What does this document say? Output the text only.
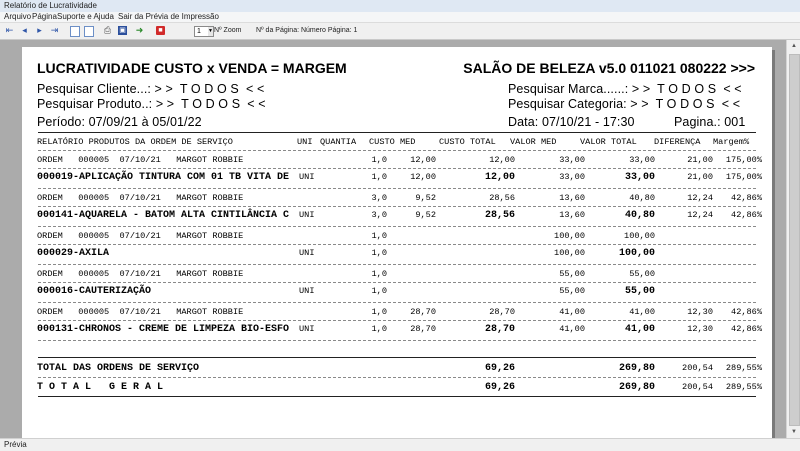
Relatório de Lucratividade
Arquivo Página Suporte e Ajuda Sair da Prévia de Impressão
⇤ ◂	▸ ⇥	⎙ ▣ ➜	■	1 ▼ Nº Zoom Nº da Página: Número Página: 1
LUCRATIVIDADE CUSTO x VENDA = MARGEM	SALÃO DE BELEZA v5.0 011021 080222 >>>
Pesquisar Cliente...: > >  T O D O S  < <	Pesquisar Marca......: > >  T O D O S  < <
Pesquisar Produto..: > >  T O D O S  < <	Pesquisar Categoria: > >  T O D O S  < <
Período: 07/09/21 à 05/01/22	Data: 07/10/21 - 17:30	Pagina.: 001
RELATÓRIO PRODUTOS DA ORDEM DE SERVIÇO	UNI QUANTIA CUSTO MED	CUSTO TOTAL VALOR MED	VALOR TOTAL DIFERENÇA Margem%
ORDEM   000005  07/10/21   MARGOT ROBBIE	1,0	12,00	12,00	33,00	33,00	21,00 175,00%
000019-APLICAÇÃO TINTURA COM 01 TB VITA DE UNI	1,0	12,00	12,00	33,00	33,00	21,00 175,00%
ORDEM   000005  07/10/21   MARGOT ROBBIE	3,0	9,52	28,56	13,60	40,80	12,24 42,86%
000141-AQUARELA - BATOM ALTA CINTILÂNCIA C UNI	3,0	9,52	28,56	13,60	40,80	12,24 42,86%
ORDEM   000005  07/10/21   MARGOT ROBBIE	1,0	100,00	100,00
000029-AXILA	UNI	1,0	100,00	100,00
ORDEM   000005  07/10/21   MARGOT ROBBIE	1,0	55,00	55,00
000016-CAUTERIZAÇÃO	UNI	1,0	55,00	55,00
ORDEM   000005  07/10/21   MARGOT ROBBIE	1,0	28,70	28,70	41,00	41,00	12,30 42,86%
000131-CHRONOS - CREME DE LIMPEZA BIO-ESFO UNI	1,0	28,70	28,70	41,00	41,00	12,30 42,86%
TOTAL DAS ORDENS DE SERVIÇO	69,26	269,80	200,54 289,55%
T O T A L   G E R A L	69,26	269,80	200,54 289,55%
▲
▼
Prévia
